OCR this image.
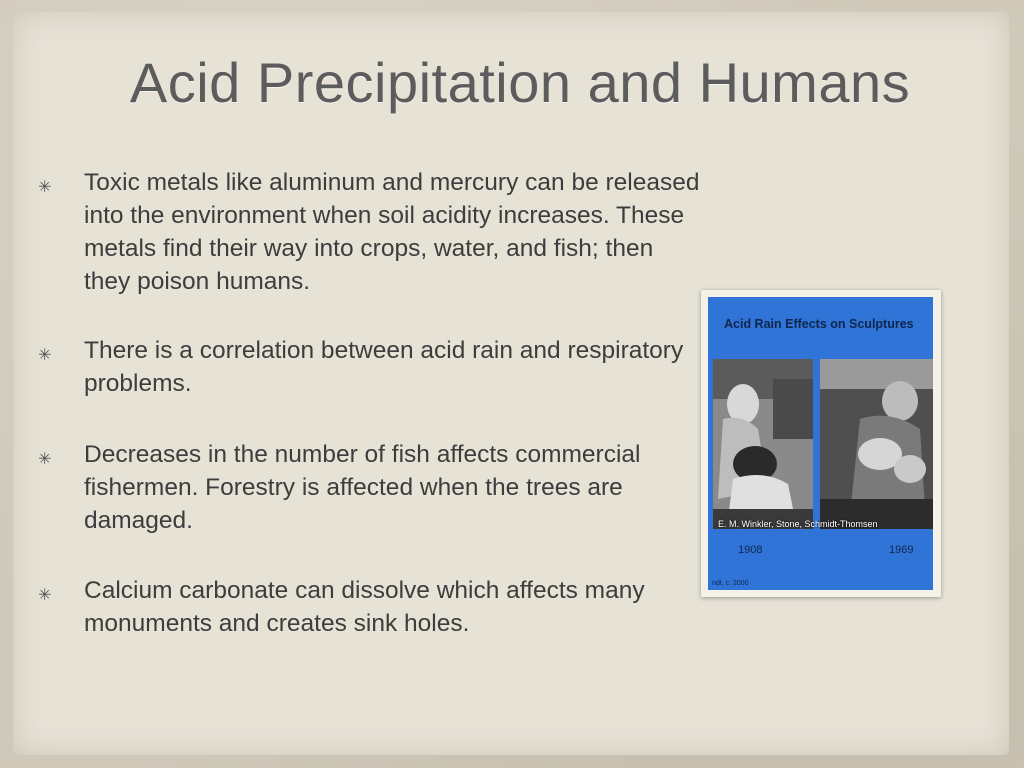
Acid Precipitation and Humans
✳ Toxic metals like aluminum and mercury can be released into the environment when soil acidity increases. These metals find their way into crops, water, and fish; then they poison humans.
✳ There is a correlation between acid rain and respiratory problems.
✳ Decreases in the number of fish affects commercial fishermen. Forestry is affected when the trees are damaged.
✳ Calcium carbonate can dissolve which affects many monuments and creates sink holes.
Acid Rain Effects on Sculptures
E. M. Winkler, Stone, Schmidt-Thomsen
1908	1969
ndt, c. 2000
